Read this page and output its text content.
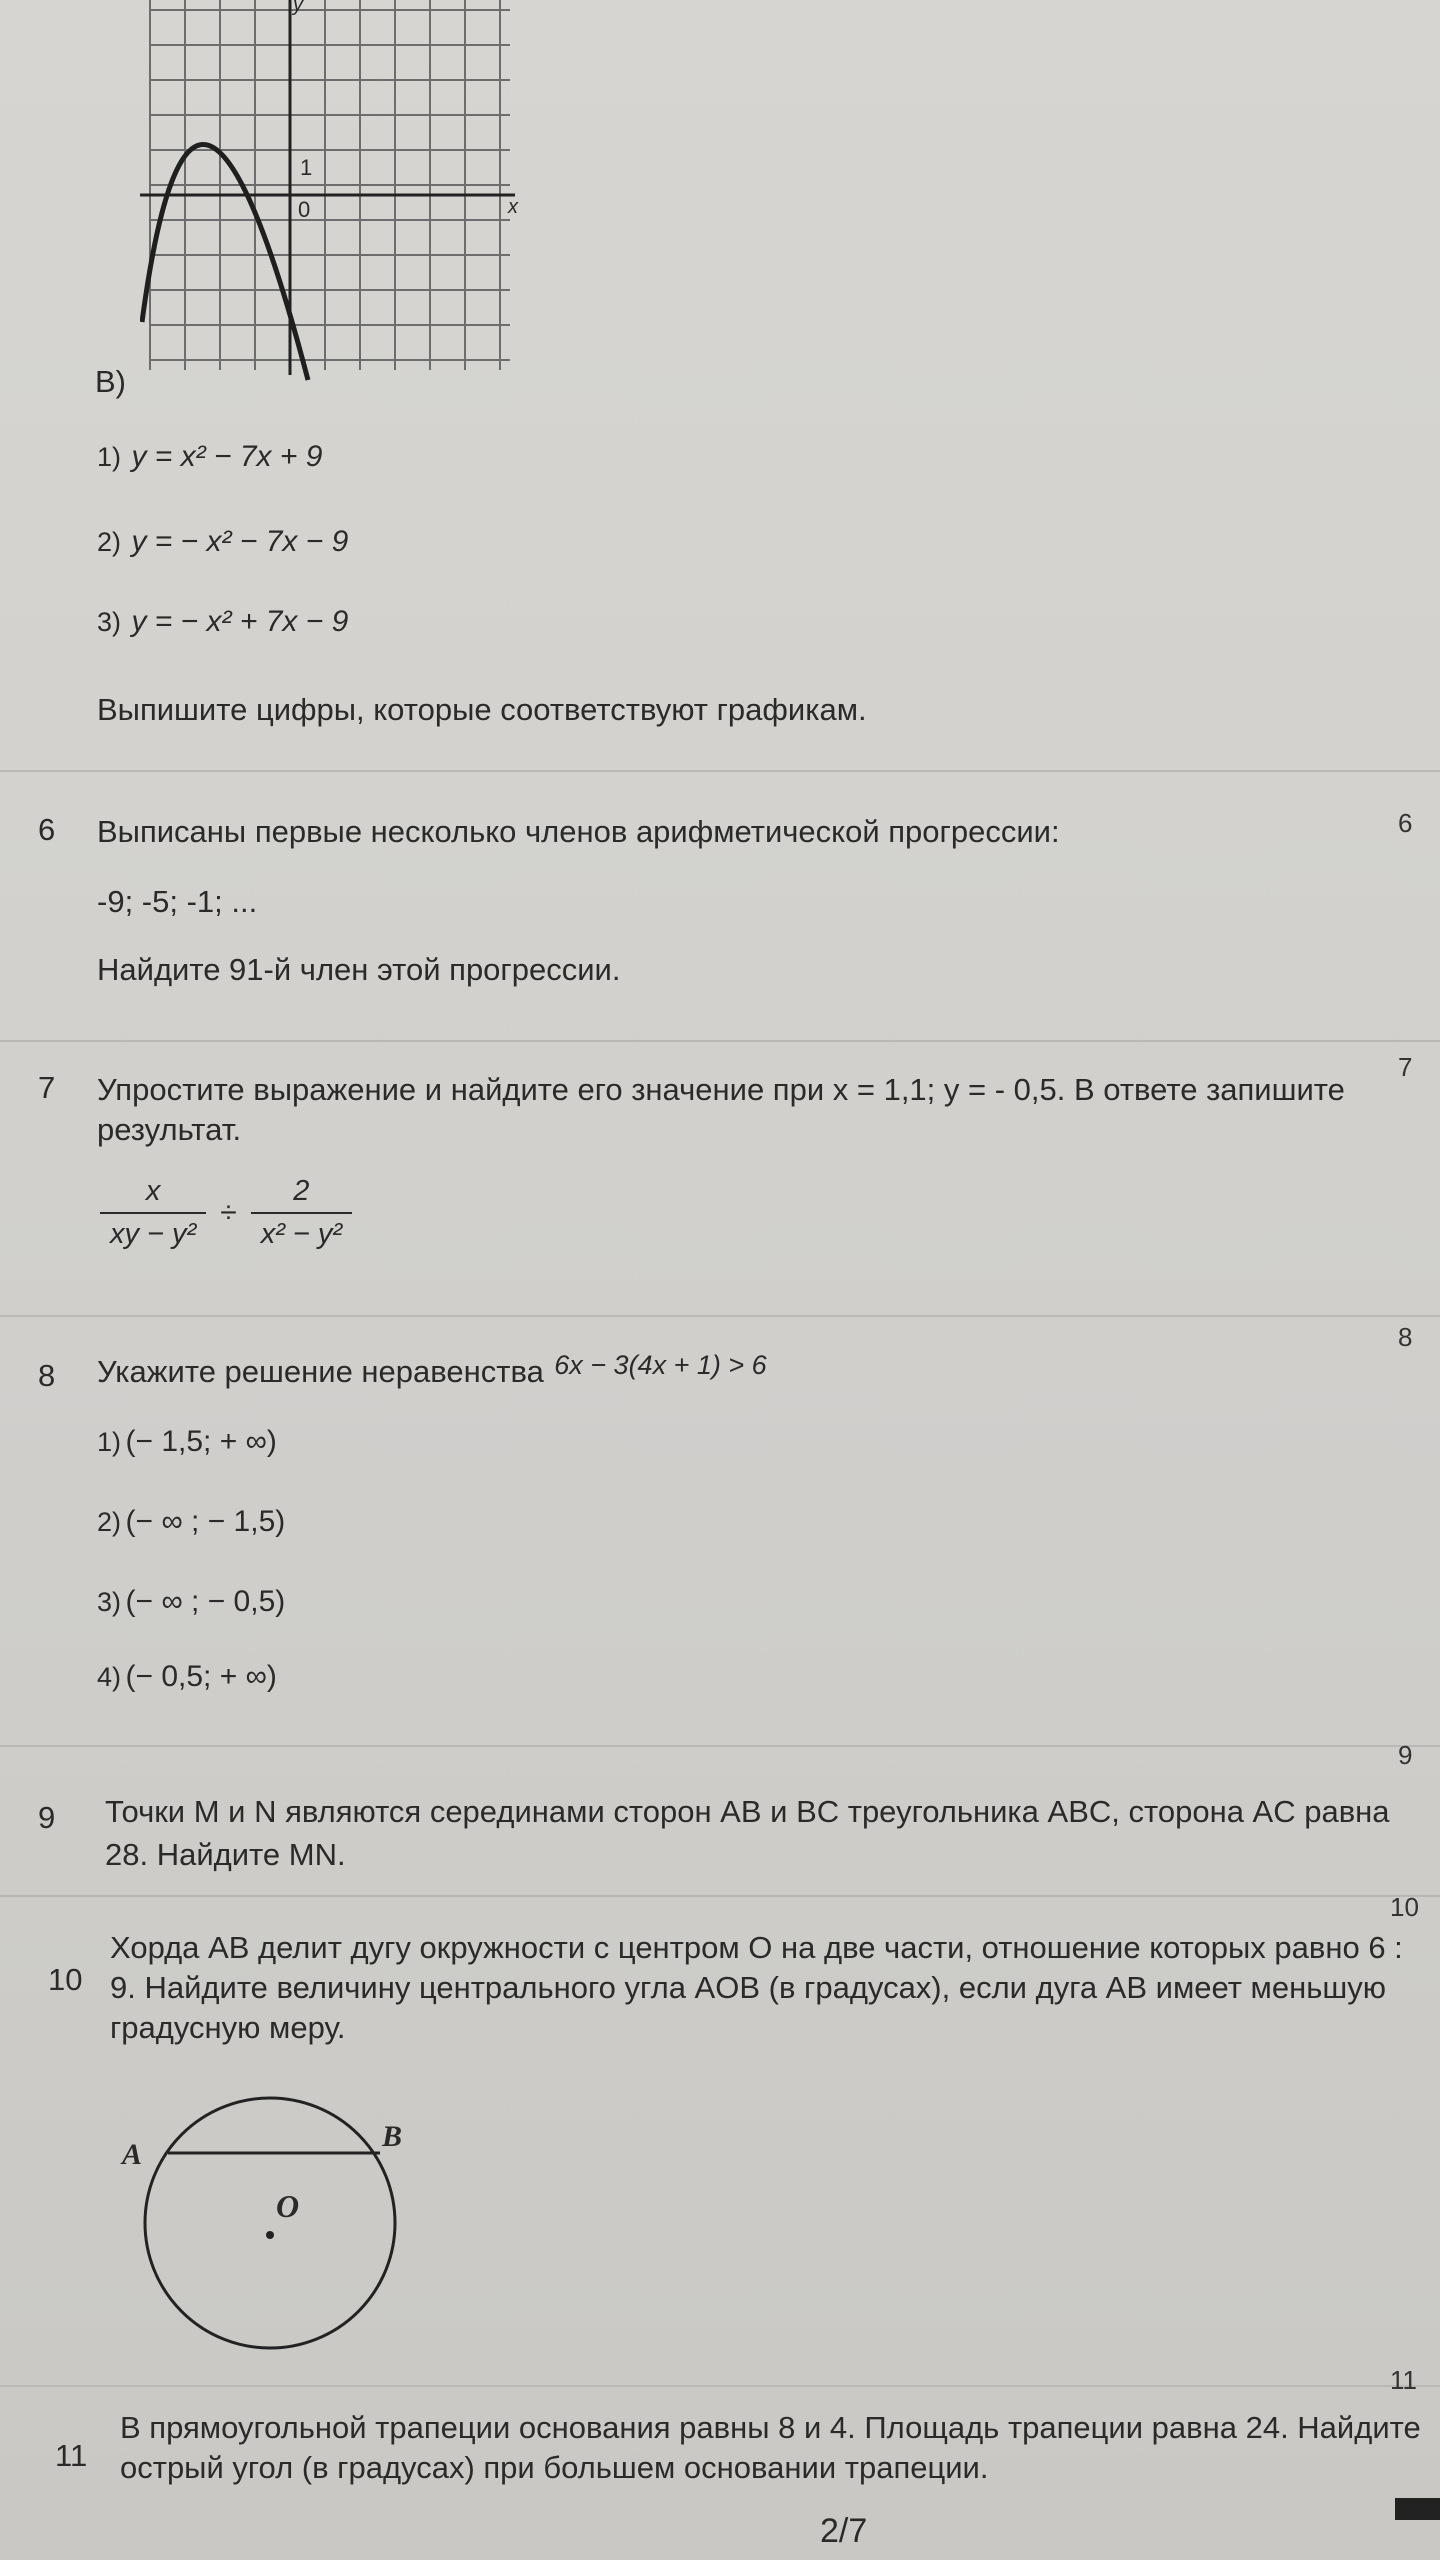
y
x
1
0
В)
1) y = x² − 7x + 9
2) y = − x² − 7x − 9
3) y = − x² + 7x − 9
Выпишите цифры, которые соответствуют графикам.
6
6 Выписаны первые несколько членов арифметической прогрессии:
-9; -5; -1; ...
Найдите 91-й член этой прогрессии.
7
7 Упростите выражение и найдите его значение при x = 1,1; y = - 0,5. В ответе запишите
результат.
$\frac{x}{\text{xy − y²}} \div \frac{2}{\text{x² − y²}}$
8
8 Укажите решение неравенства 6x − 3(4x + 1) > 6
1) (− 1,5; + ∞)
2) (− ∞ ; − 1,5)
3) (− ∞ ; − 0,5)
4) (− 0,5; + ∞)
9
9 Точки M и N являются серединами сторон AB и BC треугольника ABC, сторона AC равна
28. Найдите MN.
10
10
Хорда AB делит дугу окружности с центром O на две части, отношение которых равно 6 :
9. Найдите величину центрального угла AOB (в градусах), если дуга AB имеет меньшую
градусную меру.
A
B
O
11
11
В прямоугольной трапеции основания равны 8 и 4. Площадь трапеции равна 24. Найдите
острый угол (в градусах) при большем основании трапеции.
2/7
